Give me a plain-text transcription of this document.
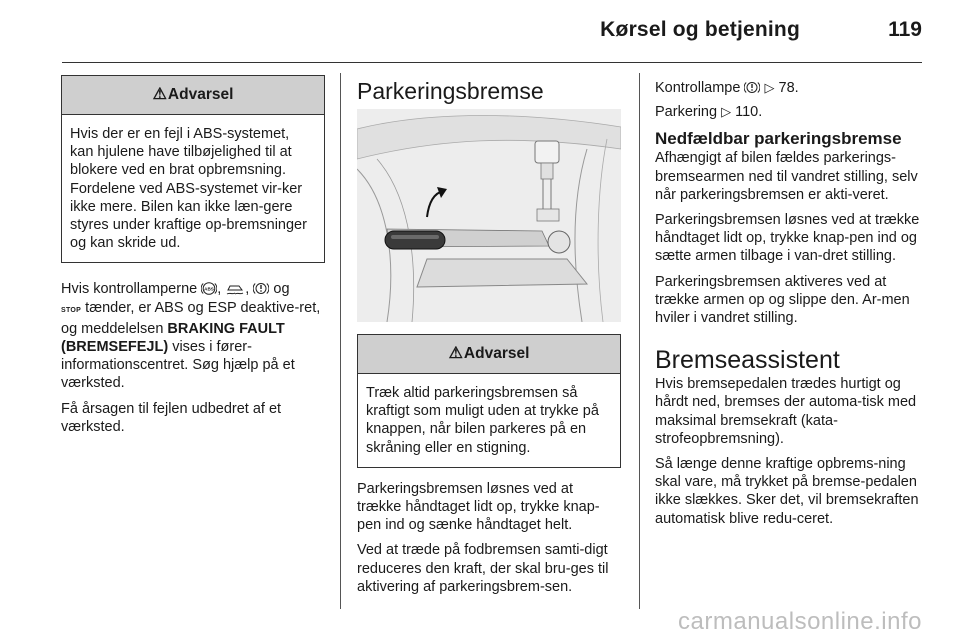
Kørsel og betjening	119
⚠ Advarsel
Hvis der er en fejl i ABS-systemet, kan hjulene have tilbøjelighed til at blokere ved en brat opbremsning. Fordelene ved ABS-systemet vir-ker ikke mere. Bilen kan ikke læn-gere styres under kraftige op-bremsninger og kan skride ud.

Hvis kontrollamperne ABS , , og
STOP tænder, er ABS og ESP deaktive-ret, og meddelelsen BRAKING FAULT (BREMSEFEJL) vises i fører-informationscentret. Søg hjælp på et værksted.

Få årsagen til fejlen udbedret af et værksted.

Parkeringsbremse
⚠ Advarsel
Træk altid parkeringsbremsen så kraftigt som muligt uden at trykke på knappen, når bilen parkeres på en skråning eller en stigning.

Parkeringsbremsen løsnes ved at trække håndtaget lidt op, trykke knap-pen ind og sænke håndtaget helt.

Ved at træde på fodbremsen samti-digt reduceres den kraft, der skal bru-ges til aktivering af parkeringsbrem-sen.

Kontrollampe ▷ 78.

Parkering ▷ 110.

Nedfældbar parkeringsbremse

Afhængigt af bilen fældes parkerings-bremsearmen ned til vandret stilling, selv når parkeringsbremsen er akti-veret.

Parkeringsbremsen løsnes ved at trække håndtaget lidt op, trykke knap-pen ind og sætte armen tilbage i van-dret stilling.

Parkeringsbremsen aktiveres ved at trække armen op og slippe den. Ar-men hviler i vandret stilling.

Bremseassistent

Hvis bremsepedalen trædes hurtigt og hårdt ned, bremses der automa-tisk med maksimal bremsekraft (kata-strofeopbremsning).

Så længe denne kraftige opbrems-ning skal vare, må trykket på bremse-pedalen ikke slækkes. Sker det, vil bremsekraften automatisk blive redu-ceret.

carmanualsonline.info
